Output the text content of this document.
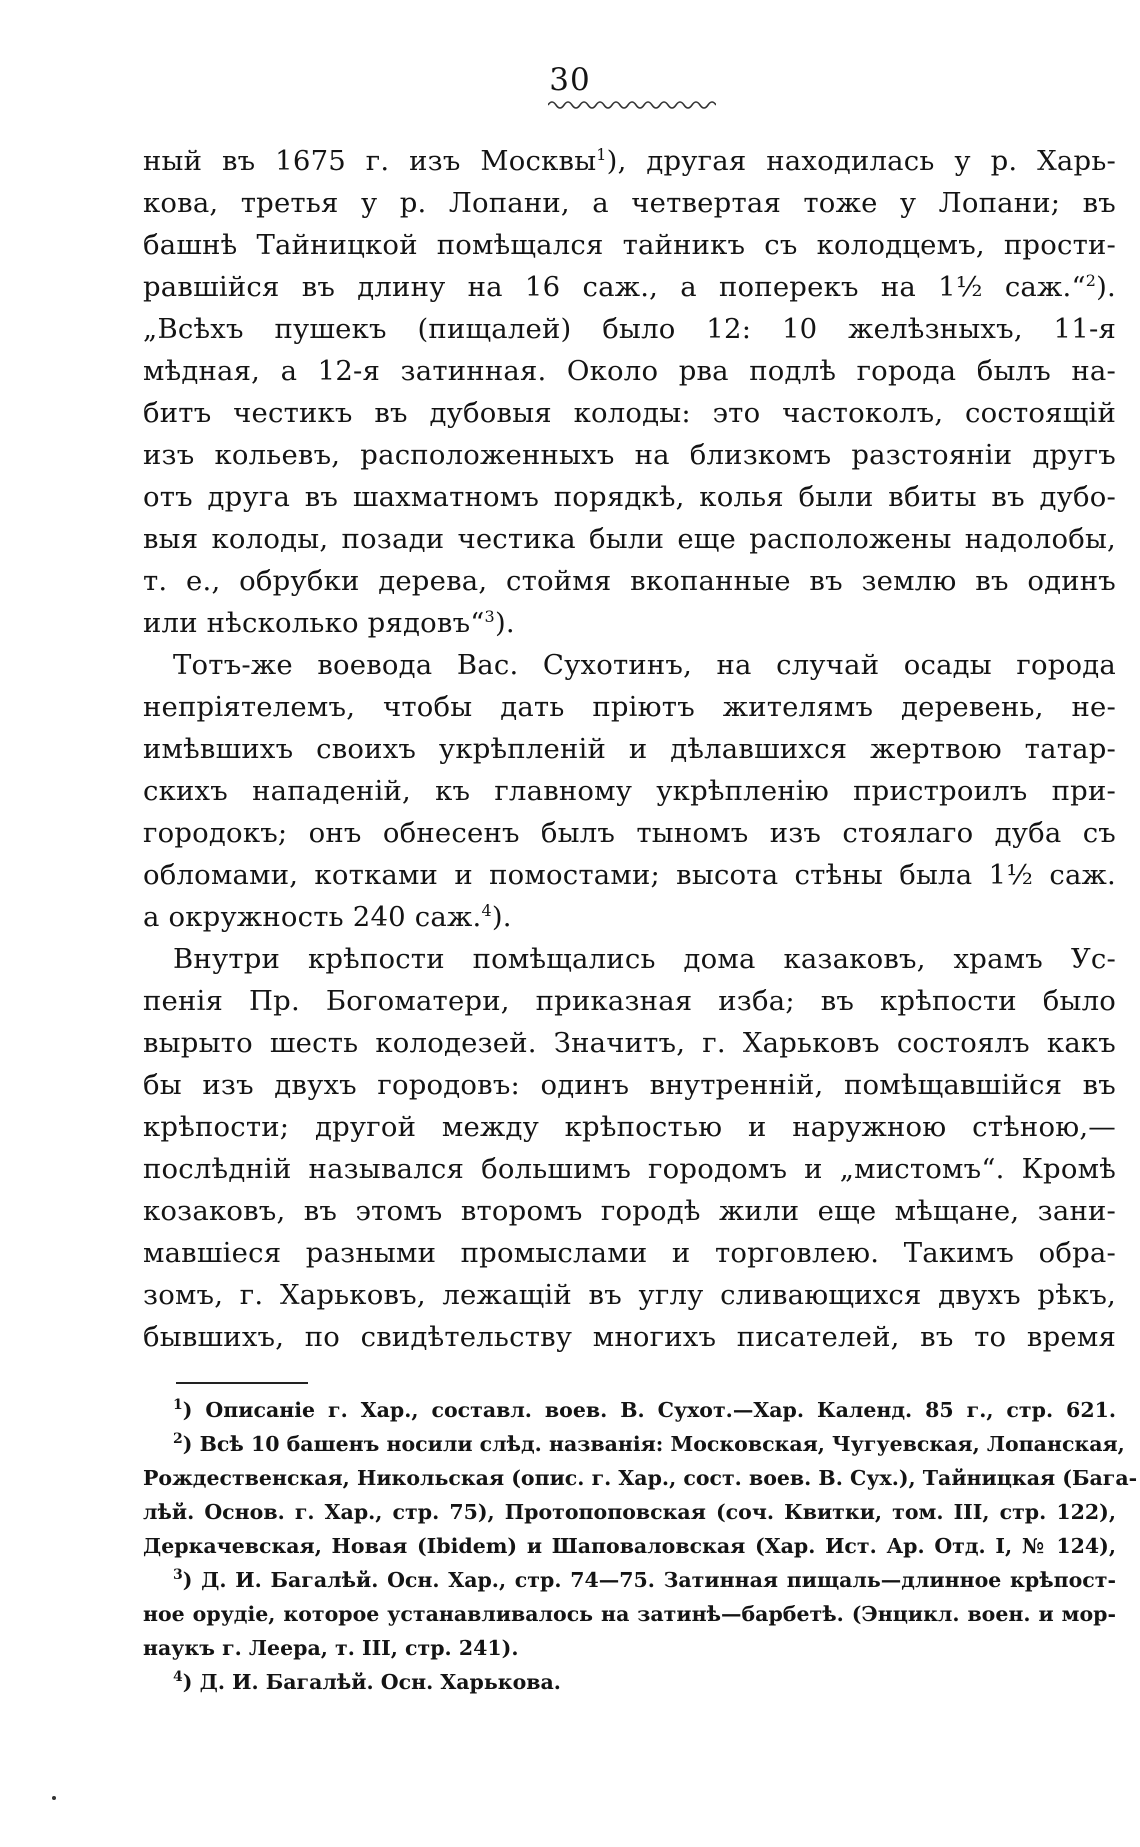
30
ный въ 1675 г. изъ Москвы$^1$), другая находилась у р. Харь-
кова, третья у р. Лопани, а четвертая тоже у Лопани; въ
башнѣ Тайницкой помѣщался тайникъ съ колодцемъ, прости-
равшійся въ длину на 16 саж., а поперекъ на 1½ саж.“$^2$).
„Всѣхъ пушекъ (пищалей) было 12: 10 желѣзныхъ, 11-я
мѣдная, а 12-я затинная. Около рва подлѣ города былъ на-
битъ честикъ въ дубовыя колоды: это частоколъ, состоящій
изъ кольевъ, расположенныхъ на близкомъ разстояніи другъ
отъ друга въ шахматномъ порядкѣ, колья были вбиты въ дубо-
выя колоды, позади честика были еще расположены надолобы,
т. е., обрубки дерева, стоймя вкопанные въ землю въ одинъ
или нѣсколько рядовъ“$^3$).
Тотъ-же воевода Вас. Сухотинъ, на случай осады города
непріятелемъ, чтобы дать пріютъ жителямъ деревень, не-
имѣвшихъ своихъ укрѣпленій и дѣлавшихся жертвою татар-
скихъ нападеній, къ главному укрѣпленію пристроилъ при-
городокъ; онъ обнесенъ былъ тыномъ изъ стоялаго дуба съ
обломами, котками и помостами; высота стѣны была 1½ саж.
а окружность 240 саж.$^4$).
Внутри крѣпости помѣщались дома казаковъ, храмъ Ус-
пенія Пр. Богоматери, приказная изба; въ крѣпости было
вырыто шесть колодезей. Значитъ, г. Харьковъ состоялъ какъ
бы изъ двухъ городовъ: одинъ внутренній, помѣщавшійся въ
крѣпости; другой между крѣпостью и наружною стѣною,—
послѣдній назывался большимъ городомъ и „мистомъ“. Кромѣ
козаковъ, въ этомъ второмъ городѣ жили еще мѣщане, зани-
мавшіеся разными промыслами и торговлею. Такимъ обра-
зомъ, г. Харьковъ, лежащій въ углу сливающихся двухъ рѣкъ,
бывшихъ, по свидѣтельству многихъ писателей, въ то время
$^1$) Описаніе г. Хар., составл. воев. В. Сухот.—Хар. Календ. 85 г., стр. 621.
$^2$) Всѣ 10 башенъ носили слѣд. названія: Московская, Чугуевская, Лопанская,
Рождественская, Никольская (опис. г. Хар., сост. воев. В. Сух.), Тайницкая (Бага-
лѣй. Основ. г. Хар., стр. 75), Протопоповская (соч. Квитки, том. III, стр. 122),
Деркачевская, Новая (Ibidem) и Шаповаловская (Хар. Ист. Ар. Отд. I, № 124),
$^3$) Д. И. Багалѣй. Осн. Хар., стр. 74—75. Затинная пищаль—длинное крѣпост-
ное орудіе, которое устанавливалось на затинѣ—барбетѣ. (Энцикл. воен. и мор-
наукъ г. Леера, т. III, стр. 241).
$^4$) Д. И. Багалѣй. Осн. Харькова.
